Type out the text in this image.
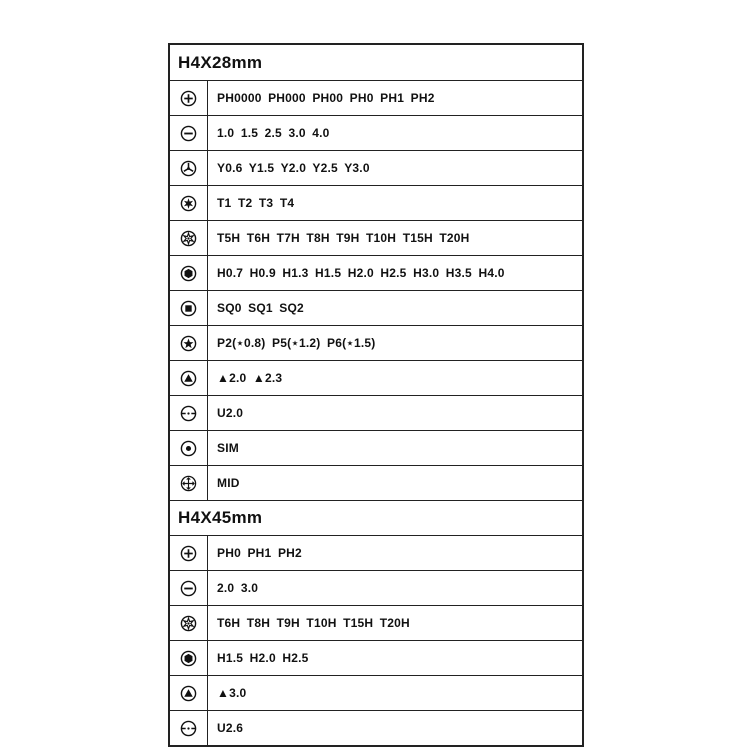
H4X28mm
PH0000 PH000 PH00 PH0 PH1 PH2
1.0 1.5 2.5 3.0 4.0
Y0.6 Y1.5 Y2.0 Y2.5 Y3.0
T1 T2 T3 T4
T5H T6H T7H T8H T9H T10H T15H T20H
H0.7 H0.9 H1.3 H1.5 H2.0 H2.5 H3.0 H3.5 H4.0
SQ0 SQ1 SQ2
P2(⋆0.8) P5(⋆1.2) P6(⋆1.5)
▲2.0 ▲2.3
U2.0
SIM
MID
H4X45mm
PH0 PH1 PH2
2.0 3.0
T6H T8H T9H T10H T15H T20H
H1.5 H2.0 H2.5
▲3.0
U2.6
